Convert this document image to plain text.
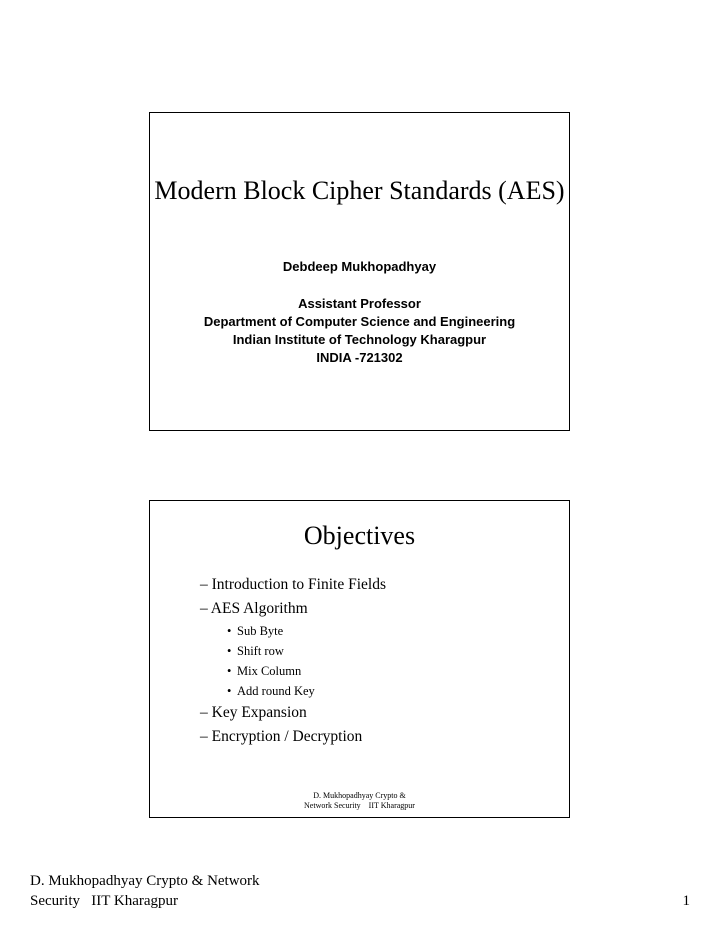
Modern Block Cipher Standards (AES)
Debdeep Mukhopadhyay
Assistant Professor
Department of Computer Science and Engineering
Indian Institute of Technology Kharagpur
INDIA -721302
Objectives
– Introduction to Finite Fields
– AES Algorithm
• Sub Byte
• Shift row
• Mix Column
• Add round Key
– Key Expansion
– Encryption / Decryption
D. Mukhopadhyay Crypto &
Network Security    IIT Kharagpur
D. Mukhopadhyay Crypto & Network
Security   IIT Kharagpur	1
